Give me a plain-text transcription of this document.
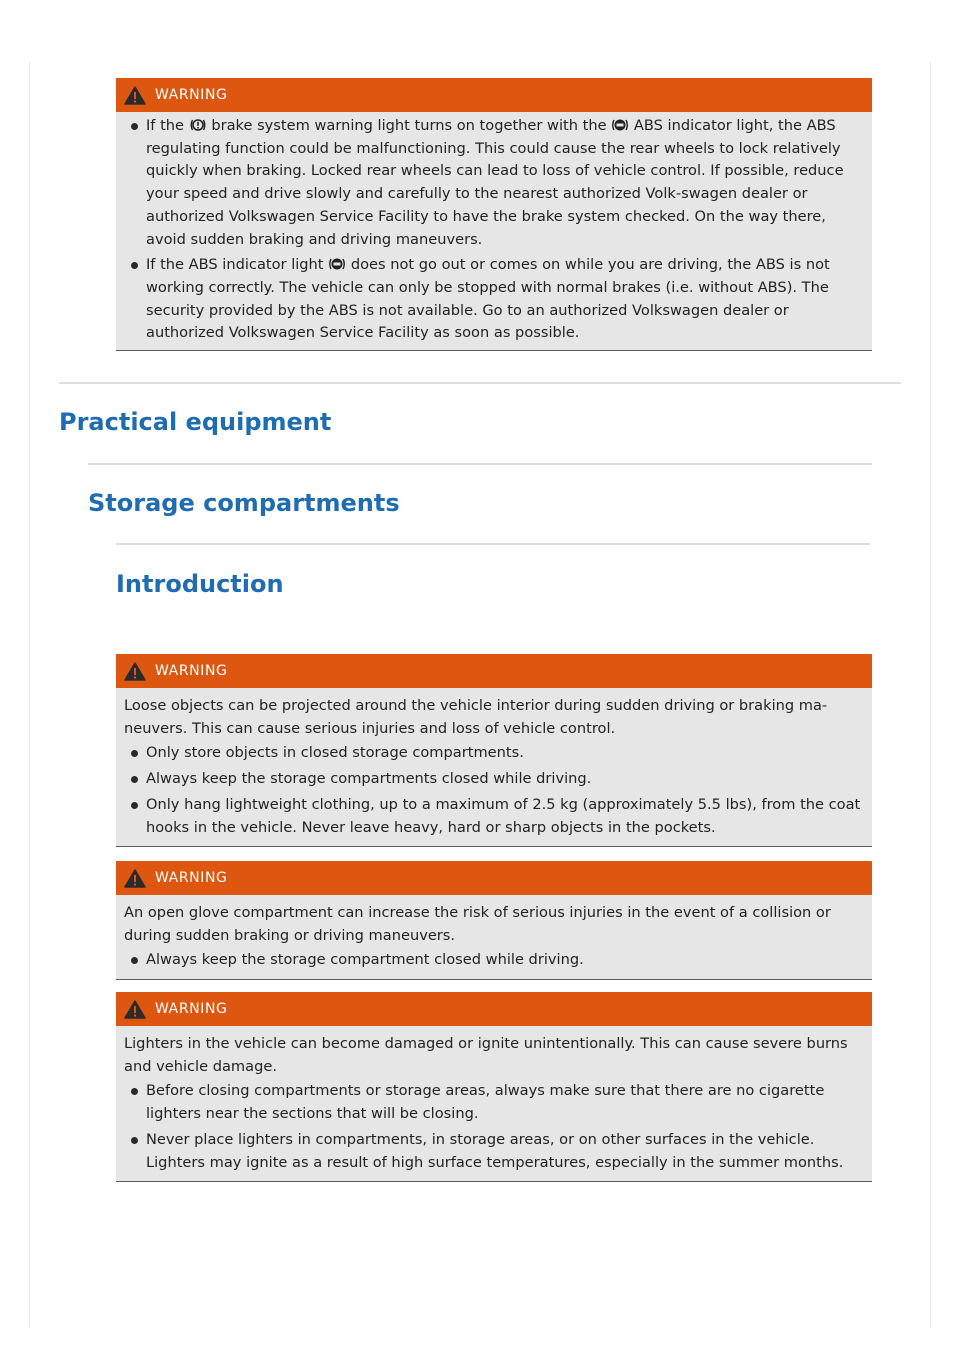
WARNING
If the brake system warning light turns on together with the ABS indicator light, the ABS regulating function could be malfunctioning. This could cause the rear wheels to lock relatively quickly when braking. Locked rear wheels can lead to loss of vehicle control. If possible, reduce your speed and drive slowly and carefully to the nearest authorized Volk-swagen dealer or authorized Volkswagen Service Facility to have the brake system checked. On the way there, avoid sudden braking and driving maneuvers.
If the ABS indicator light does not go out or comes on while you are driving, the ABS is not working correctly. The vehicle can only be stopped with normal brakes (i.e. without ABS). The security provided by the ABS is not available. Go to an authorized Volkswagen dealer or authorized Volkswagen Service Facility as soon as possible.
Practical equipment
Storage compartments
Introduction
WARNING

Loose objects can be projected around the vehicle interior during sudden driving or braking ma-neuvers. This can cause serious injuries and loss of vehicle control.

Only store objects in closed storage compartments.
Always keep the storage compartments closed while driving.
Only hang lightweight clothing, up to a maximum of 2.5 kg (approximately 5.5 lbs), from the coat hooks in the vehicle. Never leave heavy, hard or sharp objects in the pockets.
WARNING

An open glove compartment can increase the risk of serious injuries in the event of a collision or during sudden braking or driving maneuvers.

Always keep the storage compartment closed while driving.
WARNING

Lighters in the vehicle can become damaged or ignite unintentionally. This can cause severe burns and vehicle damage.

Before closing compartments or storage areas, always make sure that there are no cigarette lighters near the sections that will be closing.
Never place lighters in compartments, in storage areas, or on other surfaces in the vehicle. Lighters may ignite as a result of high surface temperatures, especially in the summer months.
